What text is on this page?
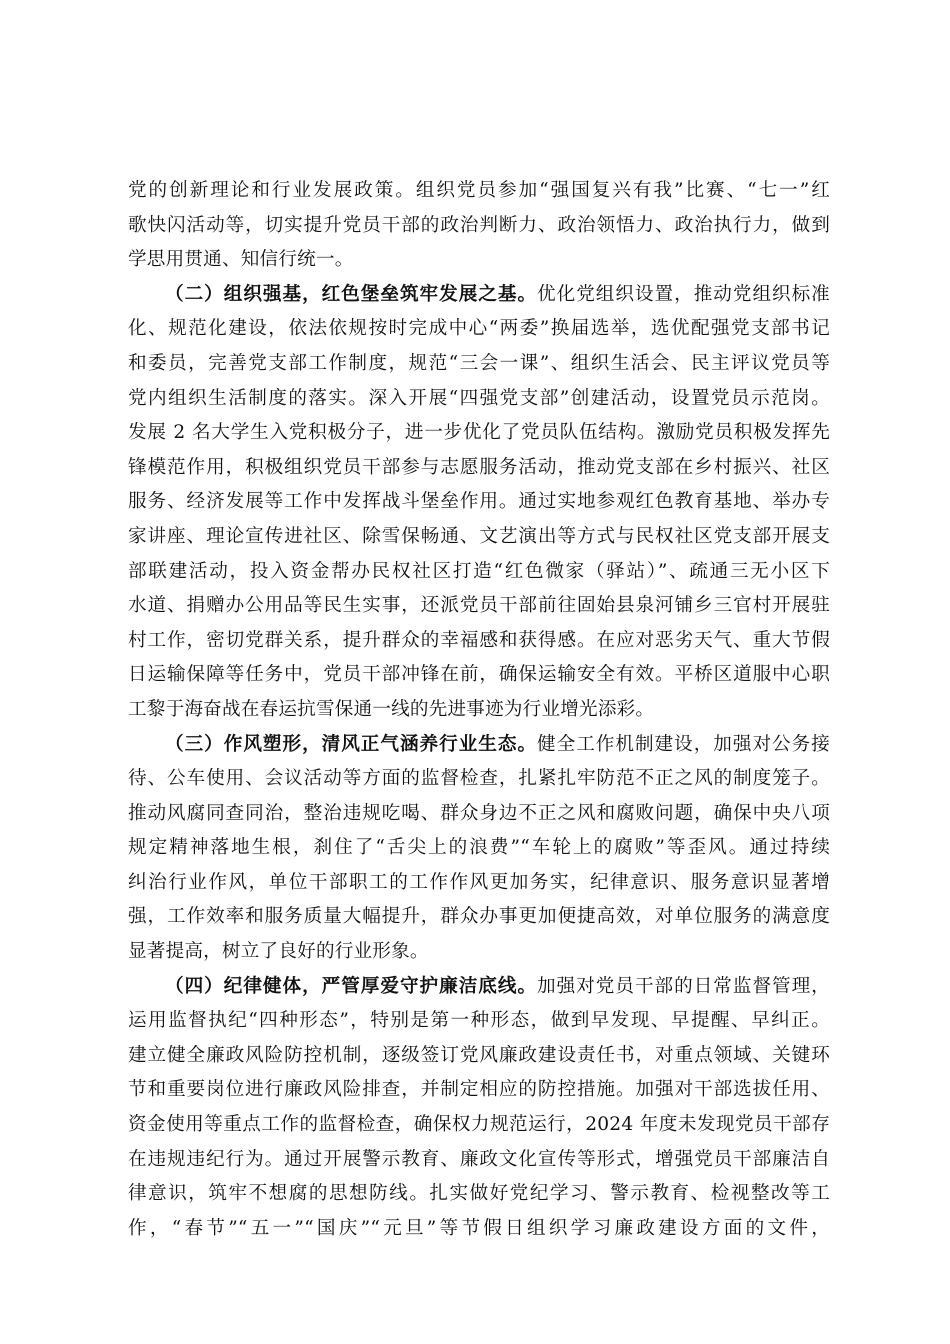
党的创新理论和行业发展政策。组织党员参加“强国复兴有我”比赛、“七一”红
歌快闪活动等，切实提升党员干部的政治判断力、政治领悟力、政治执行力，做到
学思用贯通、知信行统一。

（二）组织强基，红色堡垒筑牢发展之基。优化党组织设置，推动党组织标准
化、规范化建设，依法依规按时完成中心“两委”换届选举，选优配强党支部书记
和委员，完善党支部工作制度，规范“三会一课”、组织生活会、民主评议党员等
党内组织生活制度的落实。深入开展“四强党支部”创建活动，设置党员示范岗。
发展 2 名大学生入党积极分子，进一步优化了党员队伍结构。激励党员积极发挥先
锋模范作用，积极组织党员干部参与志愿服务活动，推动党支部在乡村振兴、社区
服务、经济发展等工作中发挥战斗堡垒作用。通过实地参观红色教育基地、举办专
家讲座、理论宣传进社区、除雪保畅通、文艺演出等方式与民权社区党支部开展支
部联建活动，投入资金帮办民权社区打造“红色微家（驿站）”、疏通三无小区下
水道、捐赠办公用品等民生实事，还派党员干部前往固始县泉河铺乡三官村开展驻
村工作，密切党群关系，提升群众的幸福感和获得感。在应对恶劣天气、重大节假
日运输保障等任务中，党员干部冲锋在前，确保运输安全有效。平桥区道服中心职
工黎于海奋战在春运抗雪保通一线的先进事迹为行业增光添彩。

（三）作风塑形，清风正气涵养行业生态。健全工作机制建设，加强对公务接
待、公车使用、会议活动等方面的监督检查，扎紧扎牢防范不正之风的制度笼子。
推动风腐同查同治，整治违规吃喝、群众身边不正之风和腐败问题，确保中央八项
规定精神落地生根，刹住了“舌尖上的浪费”“车轮上的腐败”等歪风。通过持续
纠治行业作风，单位干部职工的工作作风更加务实，纪律意识、服务意识显著增
强，工作效率和服务质量大幅提升，群众办事更加便捷高效，对单位服务的满意度
显著提高，树立了良好的行业形象。

（四）纪律健体，严管厚爱守护廉洁底线。加强对党员干部的日常监督管理，
运用监督执纪“四种形态”，特别是第一种形态，做到早发现、早提醒、早纠正。
建立健全廉政风险防控机制，逐级签订党风廉政建设责任书，对重点领域、关键环
节和重要岗位进行廉政风险排查，并制定相应的防控措施。加强对干部选拔任用、
资金使用等重点工作的监督检查，确保权力规范运行，2024 年度未发现党员干部存
在违规违纪行为。通过开展警示教育、廉政文化宣传等形式，增强党员干部廉洁自
律意识，筑牢不想腐的思想防线。扎实做好党纪学习、警示教育、检视整改等工
作，“春节”“五一”“国庆”“元旦”等节假日组织学习廉政建设方面的文件，
